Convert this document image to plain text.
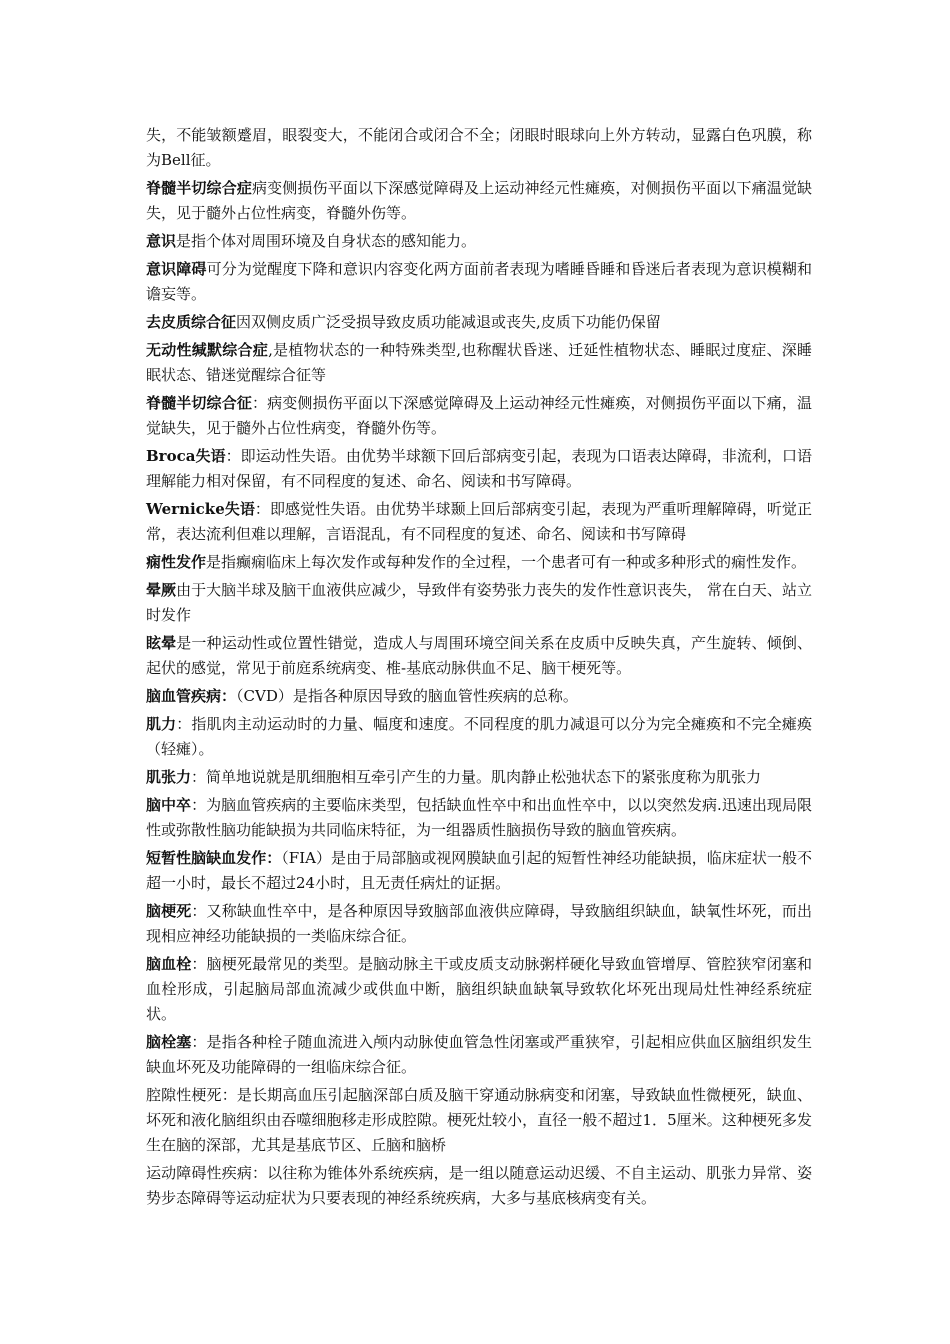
失，不能皱额蹙眉，眼裂变大，不能闭合或闭合不全；闭眼时眼球向上外方转动，显露白色巩膜，称为Bell征。

脊髓半切综合症病变侧损伤平面以下深感觉障碍及上运动神经元性瘫痪，对侧损伤平面以下痛温觉缺失，见于髓外占位性病变，脊髓外伤等。

意识是指个体对周围环境及自身状态的感知能力。

意识障碍可分为觉醒度下降和意识内容变化两方面前者表现为嗜睡昏睡和昏迷后者表现为意识模糊和谵妄等。

去皮质综合征因双侧皮质广泛受损导致皮质功能减退或丧失,皮质下功能仍保留

无动性缄默综合症,是植物状态的一种特殊类型,也称醒状昏迷、迁延性植物状态、睡眠过度症、深睡眠状态、错迷觉醒综合征等

脊髓半切综合征：病变侧损伤平面以下深感觉障碍及上运动神经元性瘫痪，对侧损伤平面以下痛，温觉缺失，见于髓外占位性病变，脊髓外伤等。

Broca失语：即运动性失语。由优势半球额下回后部病变引起，表现为口语表达障碍，非流利，口语理解能力相对保留，有不同程度的复述、命名、阅读和书写障碍。

Wernicke失语：即感觉性失语。由优势半球颞上回后部病变引起，表现为严重听理解障碍，听觉正常，表达流利但难以理解，言语混乱，有不同程度的复述、命名、阅读和书写障碍

痫性发作是指癫痫临床上每次发作或每种发作的全过程，一个患者可有一种或多种形式的痫性发作。

晕厥由于大脑半球及脑干血液供应减少，导致伴有姿势张力丧失的发作性意识丧失， 常在白天、站立时发作

眩晕是一种运动性或位置性错觉，造成人与周围环境空间关系在皮质中反映失真，产生旋转、倾倒、起伏的感觉，常见于前庭系统病变、椎-基底动脉供血不足、脑干梗死等。

脑血管疾病：（CVD）是指各种原因导致的脑血管性疾病的总称。

肌力：指肌肉主动运动时的力量、幅度和速度。不同程度的肌力减退可以分为完全瘫痪和不完全瘫痪（轻瘫）。

肌张力：简单地说就是肌细胞相互牵引产生的力量。肌肉静止松弛状态下的紧张度称为肌张力

脑中卒：为脑血管疾病的主要临床类型，包括缺血性卒中和出血性卒中，以以突然发病.迅速出现局限性或弥散性脑功能缺损为共同临床特征，为一组器质性脑损伤导致的脑血管疾病。

短暂性脑缺血发作：（FIA）是由于局部脑或视网膜缺血引起的短暂性神经功能缺损，临床症状一般不超一小时，最长不超过24小时，且无责任病灶的证据。

脑梗死：又称缺血性卒中，是各种原因导致脑部血液供应障碍，导致脑组织缺血，缺氧性坏死，而出现相应神经功能缺损的一类临床综合征。

脑血栓：脑梗死最常见的类型。是脑动脉主干或皮质支动脉粥样硬化导致血管增厚、管腔狭窄闭塞和血栓形成，引起脑局部血流减少或供血中断，脑组织缺血缺氧导致软化坏死出现局灶性神经系统症状。

脑栓塞：是指各种栓子随血流进入颅内动脉使血管急性闭塞或严重狭窄，引起相应供血区脑组织发生缺血坏死及功能障碍的一组临床综合征。

腔隙性梗死：是长期高血压引起脑深部白质及脑干穿通动脉病变和闭塞，导致缺血性微梗死，缺血、坏死和液化脑组织由吞噬细胞移走形成腔隙。梗死灶较小，直径一般不超过1．5厘米。这种梗死多发生在脑的深部，尤其是基底节区、丘脑和脑桥

运动障碍性疾病：以往称为锥体外系统疾病，是一组以随意运动迟缓、不自主运动、肌张力异常、姿势步态障碍等运动症状为只要表现的神经系统疾病，大多与基底核病变有关。
